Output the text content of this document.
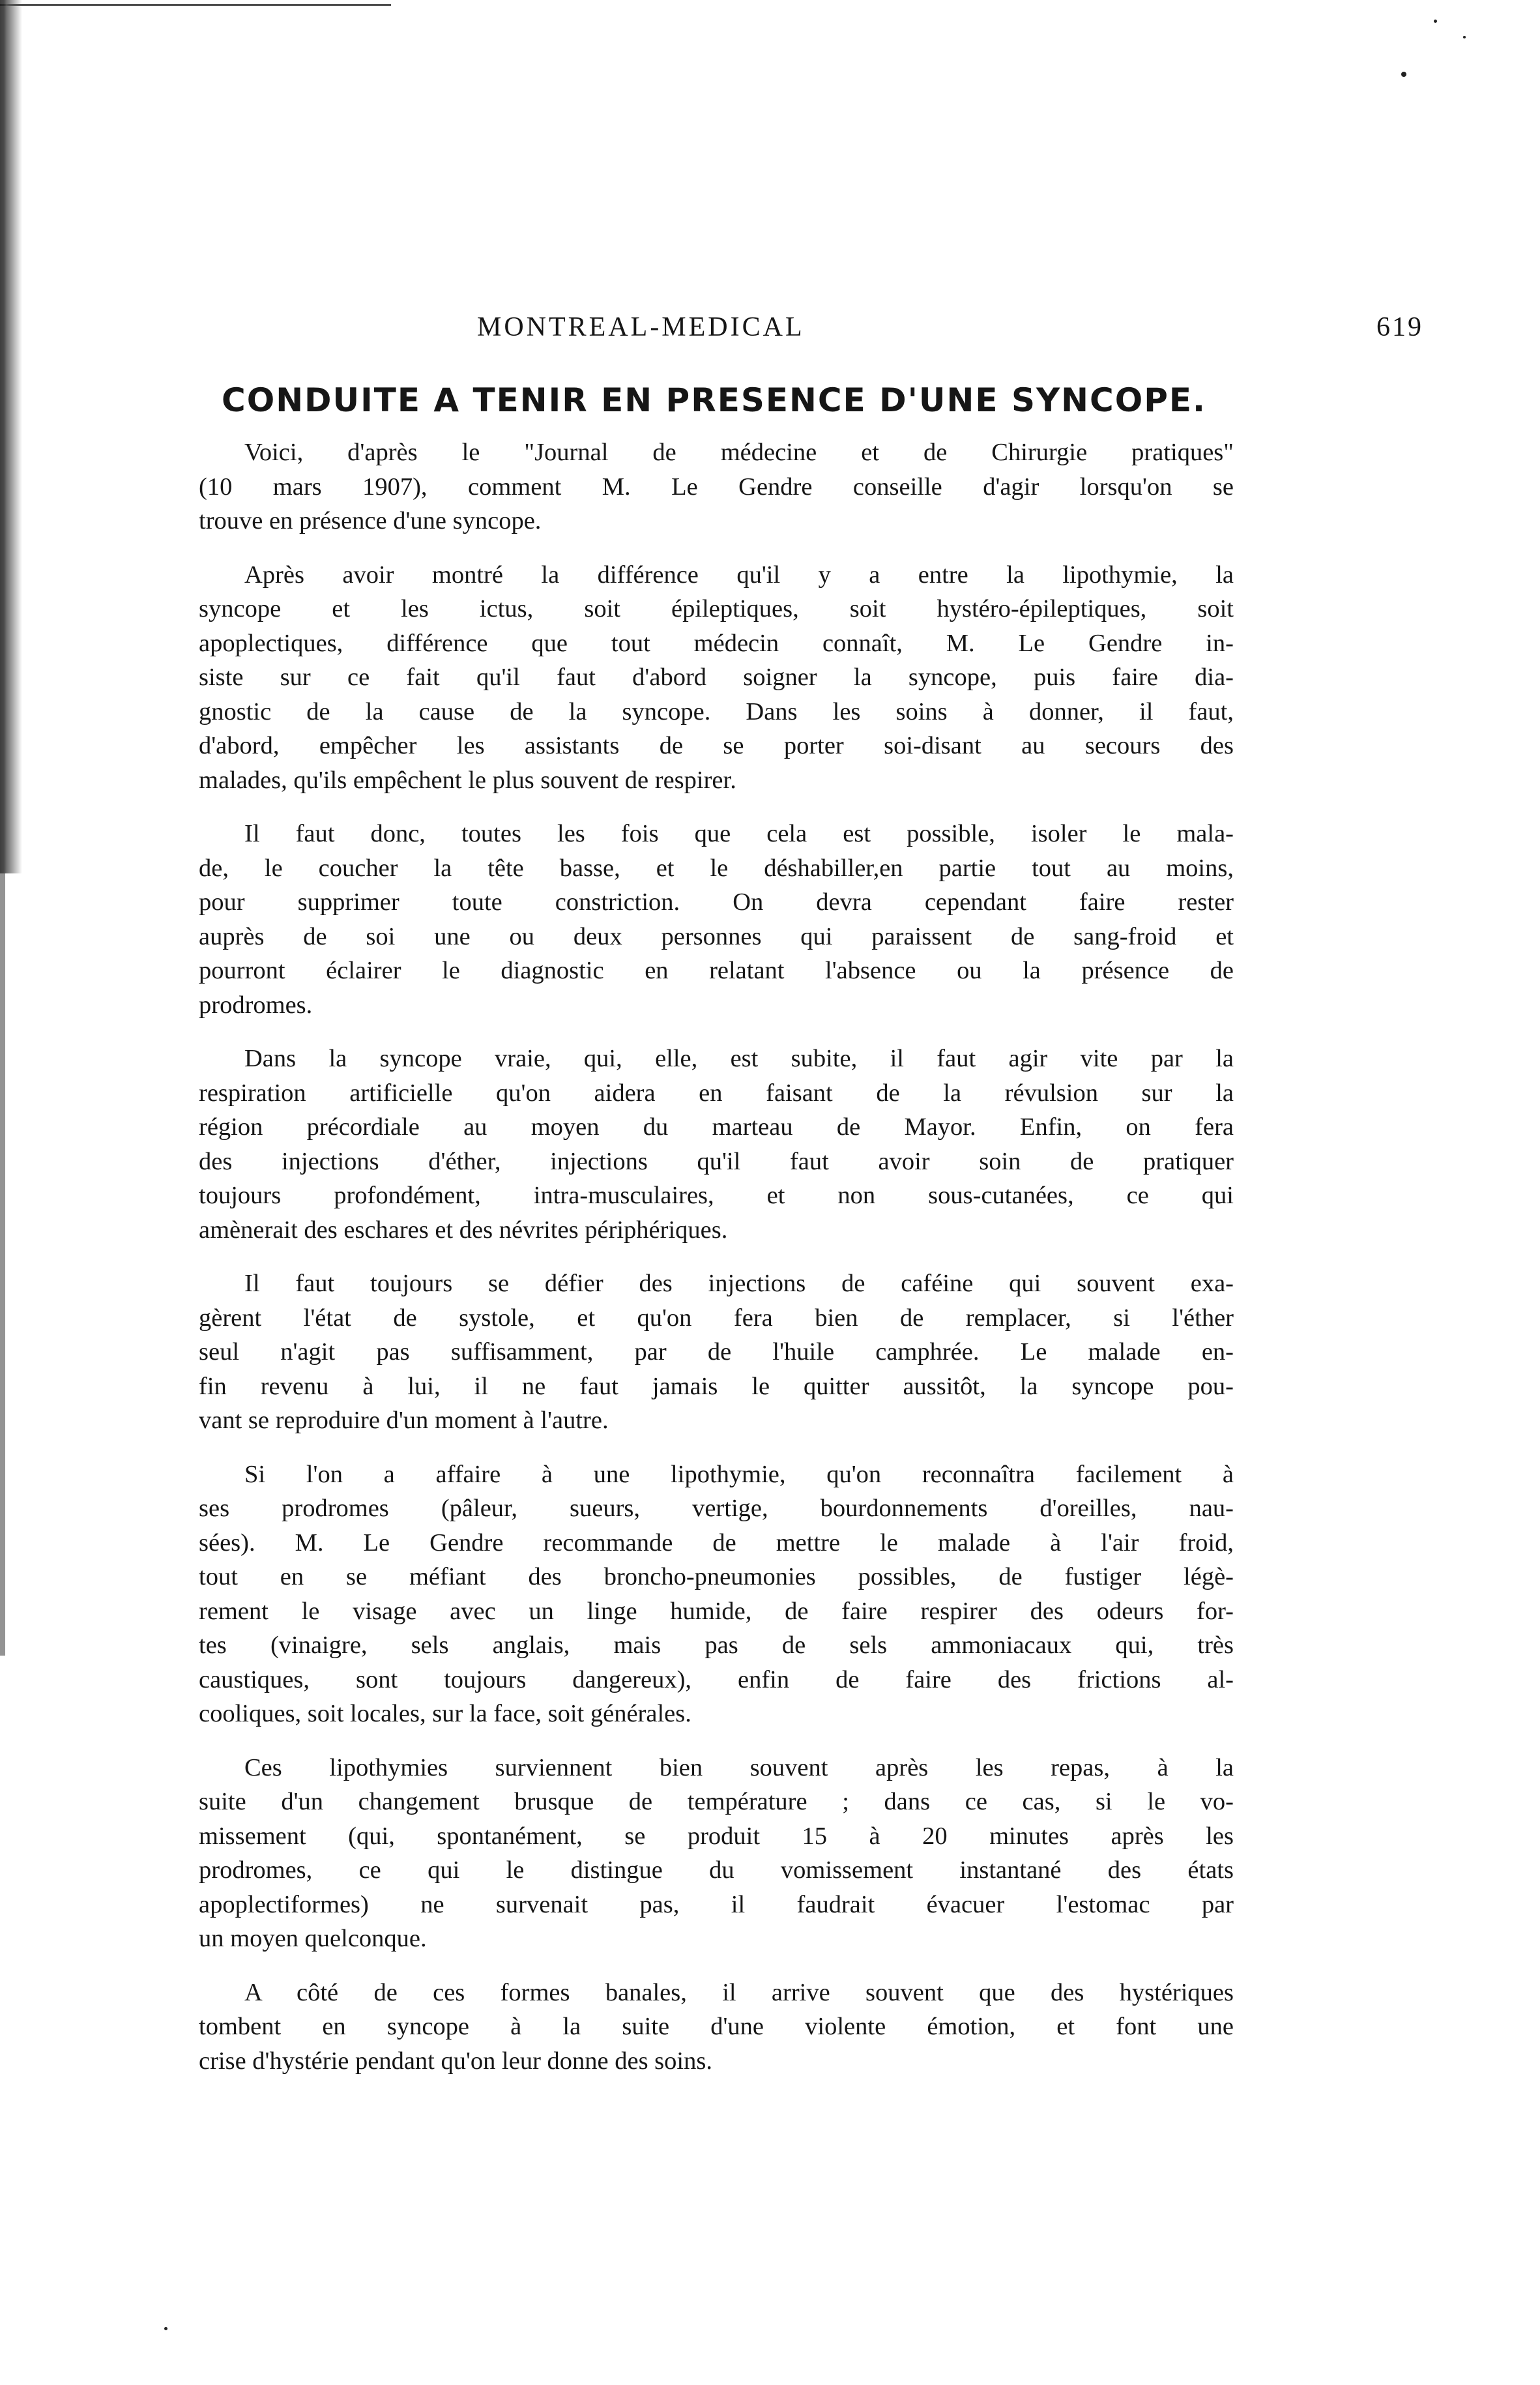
MONTREAL-MEDICAL	619
CONDUITE A TENIR EN PRESENCE D'UNE SYNCOPE.
Voici, d'après le "Journal de médecine et de Chirurgie pratiques"
(10 mars 1907), comment M. Le Gendre conseille d'agir lorsqu'on se
trouve en présence d'une syncope.
Après avoir montré la différence qu'il y a entre la lipothymie, la
syncope et les ictus, soit épileptiques, soit hystéro-épileptiques, soit
apoplectiques, différence que tout médecin connaît, M. Le Gendre in-
siste sur ce fait qu'il faut d'abord soigner la syncope, puis faire dia-
gnostic de la cause de la syncope. Dans les soins à donner, il faut,
d'abord, empêcher les assistants de se porter soi-disant au secours des
malades, qu'ils empêchent le plus souvent de respirer.
Il faut donc, toutes les fois que cela est possible, isoler le mala-
de, le coucher la tête basse, et le déshabiller,en partie tout au moins,
pour supprimer toute constriction. On devra cependant faire rester
auprès de soi une ou deux personnes qui paraissent de sang-froid et
pourront éclairer le diagnostic en relatant l'absence ou la présence de
prodromes.
Dans la syncope vraie, qui, elle, est subite, il faut agir vite par la
respiration artificielle qu'on aidera en faisant de la révulsion sur la
région précordiale au moyen du marteau de Mayor. Enfin, on fera
des injections d'éther, injections qu'il faut avoir soin de pratiquer
toujours profondément, intra-musculaires, et non sous-cutanées, ce qui
amènerait des eschares et des névrites périphériques.
Il faut toujours se défier des injections de caféine qui souvent exa-
gèrent l'état de systole, et qu'on fera bien de remplacer, si l'éther
seul n'agit pas suffisamment, par de l'huile camphrée. Le malade en-
fin revenu à lui, il ne faut jamais le quitter aussitôt, la syncope pou-
vant se reproduire d'un moment à l'autre.
Si l'on a affaire à une lipothymie, qu'on reconnaîtra facilement à
ses prodromes (pâleur, sueurs, vertige, bourdonnements d'oreilles, nau-
sées). M. Le Gendre recommande de mettre le malade à l'air froid,
tout en se méfiant des broncho-pneumonies possibles, de fustiger légè-
rement le visage avec un linge humide, de faire respirer des odeurs for-
tes (vinaigre, sels anglais, mais pas de sels ammoniacaux qui, très
caustiques, sont toujours dangereux), enfin de faire des frictions al-
cooliques, soit locales, sur la face, soit générales.
Ces lipothymies surviennent bien souvent après les repas, à la
suite d'un changement brusque de température ; dans ce cas, si le vo-
missement (qui, spontanément, se produit 15 à 20 minutes après les
prodromes, ce qui le distingue du vomissement instantané des états
apoplectiformes) ne survenait pas, il faudrait évacuer l'estomac par
un moyen quelconque.
A côté de ces formes banales, il arrive souvent que des hystériques
tombent en syncope à la suite d'une violente émotion, et font une
crise d'hystérie pendant qu'on leur donne des soins.
